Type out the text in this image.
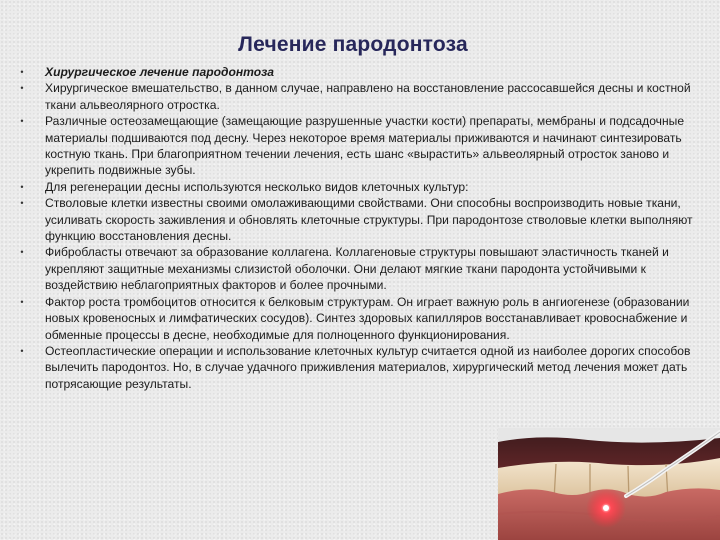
Лечение пародонтоза
•	Хирургическое лечение пародонтоза
•	Хирургическое вмешательство, в данном случае, направлено на восстановление рассосавшейся десны и костной ткани альвеолярного отростка.
•	Различные остеозамещающие (замещающие разрушенные участки кости) препараты, мембраны и подсадочные материалы подшиваются под десну. Через некоторое время материалы приживаются и начинают синтезировать костную ткань. При благоприятном течении лечения, есть шанс «вырастить» альвеолярный отросток заново и укрепить подвижные зубы.
•	Для регенерации десны используются несколько видов клеточных культур:
•	Стволовые клетки известны своими омолаживающими свойствами. Они способны воспроизводить новые ткани, усиливать скорость заживления и обновлять клеточные структуры. При пародонтозе стволовые клетки выполняют функцию восстановления десны.
•	Фибробласты отвечают за образование коллагена. Коллагеновые структуры повышают эластичность тканей и укрепляют защитные механизмы слизистой оболочки. Они делают мягкие ткани пародонта устойчивыми к воздействию неблагоприятных факторов и более прочными.
•	Фактор роста тромбоцитов относится к белковым структурам. Он играет важную роль в ангиогенезе (образовании новых кровеносных и лимфатических сосудов). Синтез здоровых капилляров восстанавливает кровоснабжение и обменные процессы в десне, необходимые для полноценного функционирования.
•	Остеопластические операции и использование клеточных культур считается одной из наиболее дорогих способов вылечить пародонтоз. Но, в случае удачного приживления материалов, хирургический метод лечения может дать потрясающие результаты.
